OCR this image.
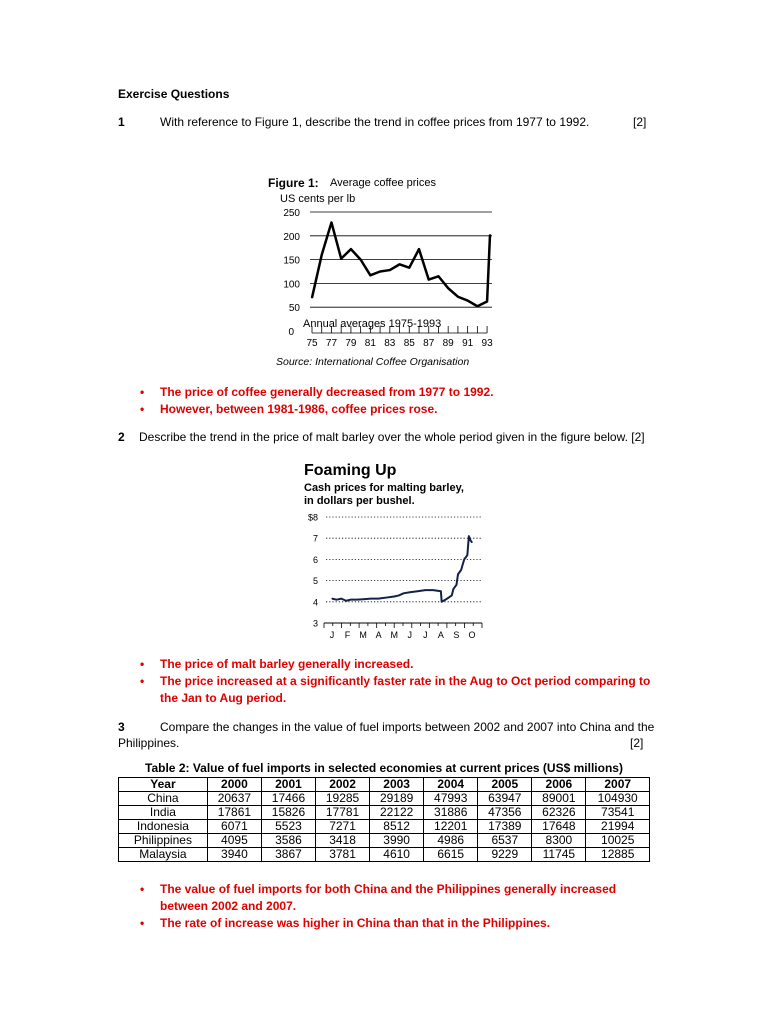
Exercise Questions
1	With reference to Figure 1, describe the trend in coffee prices from 1977 to 1992.	[2]
Figure 1: Average coffee prices
US cents per lb
250
200
150
100
50
0
75 77 79 81 83 85 87 89 91 93
Annual averages 1975-1993
Source: International Coffee Organisation
• The price of coffee generally decreased from 1977 to 1992.
• However, between 1981-1986, coffee prices rose.
2 Describe the trend in the price of malt barley over the whole period given in the figure below. [2]
Foaming Up
Cash prices for malting barley,
in dollars per bushel.
$8
7
6
5
4
3
J F M A M J J A S O
• The price of malt barley generally increased.
• The price increased at a significantly faster rate in the Aug to Oct period comparing to the Jan to Aug period.
3	Compare the changes in the value of fuel imports between 2002 and 2007 into China and the
Philippines.	[2]
Table 2: Value of fuel imports in selected economies at current prices (US$ millions)
Year	2000	2001	2002	2003	2004	2005	2006	2007
China	20637	17466	19285	29189	47993	63947	89001	104930
India	17861	15826	17781	22122	31886	47356	62326	73541
Indonesia	6071	5523	7271	8512	12201	17389	17648	21994
Philippines	4095	3586	3418	3990	4986	6537	8300	10025
Malaysia	3940	3867	3781	4610	6615	9229	11745	12885
• The value of fuel imports for both China and the Philippines generally increased between 2002 and 2007.
• The rate of increase was higher in China than that in the Philippines.
